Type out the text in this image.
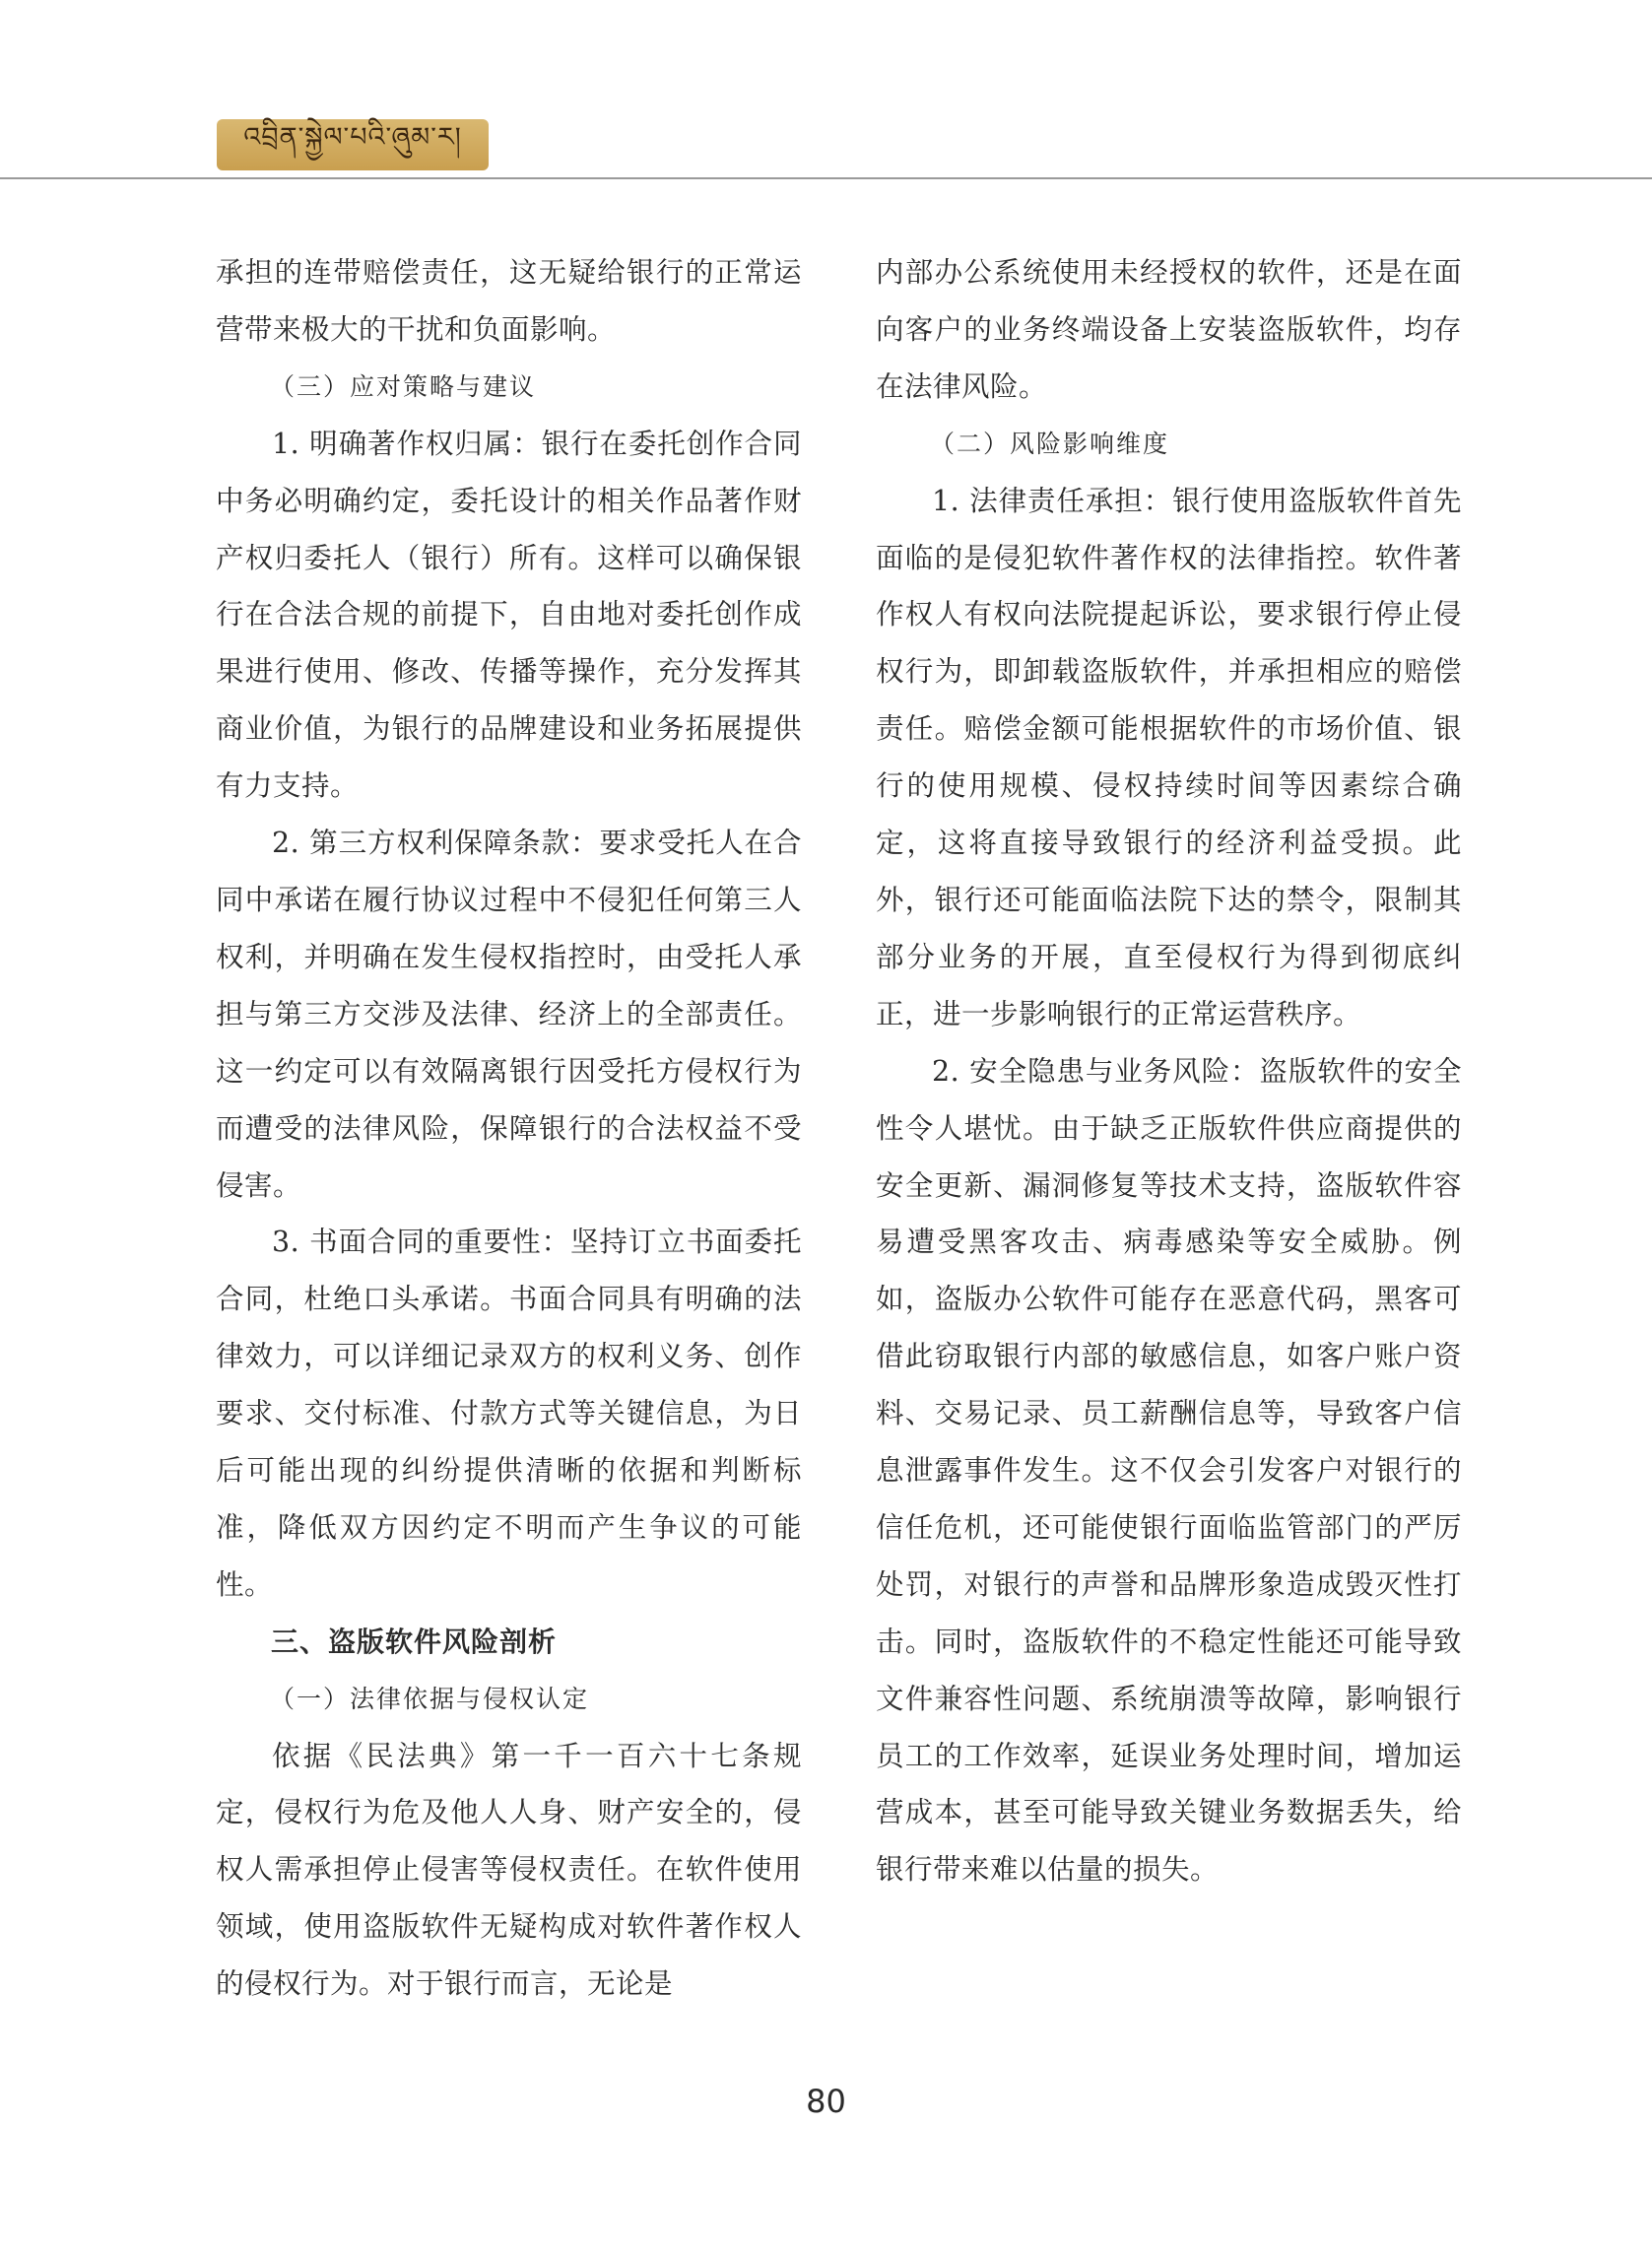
འབྲིན་སྐྱེལ་པའི་ཞུམ་ར།

承担的连带赔偿责任，这无疑给银行的正常运营带来极大的干扰和负面影响。

（三）应对策略与建议

1. 明确著作权归属：银行在委托创作合同中务必明确约定，委托设计的相关作品著作财产权归委托人（银行）所有。这样可以确保银行在合法合规的前提下，自由地对委托创作成果进行使用、修改、传播等操作，充分发挥其商业价值，为银行的品牌建设和业务拓展提供有力支持。

2. 第三方权利保障条款：要求受托人在合同中承诺在履行协议过程中不侵犯任何第三人权利，并明确在发生侵权指控时，由受托人承担与第三方交涉及法律、经济上的全部责任。这一约定可以有效隔离银行因受托方侵权行为而遭受的法律风险，保障银行的合法权益不受侵害。

3. 书面合同的重要性：坚持订立书面委托合同，杜绝口头承诺。书面合同具有明确的法律效力，可以详细记录双方的权利义务、创作要求、交付标准、付款方式等关键信息，为日后可能出现的纠纷提供清晰的依据和判断标准，降低双方因约定不明而产生争议的可能性。

三、盗版软件风险剖析

（一）法律依据与侵权认定

依据《民法典》第一千一百六十七条规定，侵权行为危及他人人身、财产安全的，侵权人需承担停止侵害等侵权责任。在软件使用领域，使用盗版软件无疑构成对软件著作权人的侵权行为。对于银行而言，无论是

内部办公系统使用未经授权的软件，还是在面向客户的业务终端设备上安装盗版软件，均存在法律风险。

（二）风险影响维度

1. 法律责任承担：银行使用盗版软件首先面临的是侵犯软件著作权的法律指控。软件著作权人有权向法院提起诉讼，要求银行停止侵权行为，即卸载盗版软件，并承担相应的赔偿责任。赔偿金额可能根据软件的市场价值、银行的使用规模、侵权持续时间等因素综合确定，这将直接导致银行的经济利益受损。此外，银行还可能面临法院下达的禁令，限制其部分业务的开展，直至侵权行为得到彻底纠正，进一步影响银行的正常运营秩序。

2. 安全隐患与业务风险：盗版软件的安全性令人堪忧。由于缺乏正版软件供应商提供的安全更新、漏洞修复等技术支持，盗版软件容易遭受黑客攻击、病毒感染等安全威胁。例如，盗版办公软件可能存在恶意代码，黑客可借此窃取银行内部的敏感信息，如客户账户资料、交易记录、员工薪酬信息等，导致客户信息泄露事件发生。这不仅会引发客户对银行的信任危机，还可能使银行面临监管部门的严厉处罚，对银行的声誉和品牌形象造成毁灭性打击。同时，盗版软件的不稳定性能还可能导致文件兼容性问题、系统崩溃等故障，影响银行员工的工作效率，延误业务处理时间，增加运营成本，甚至可能导致关键业务数据丢失，给银行带来难以估量的损失。

80
